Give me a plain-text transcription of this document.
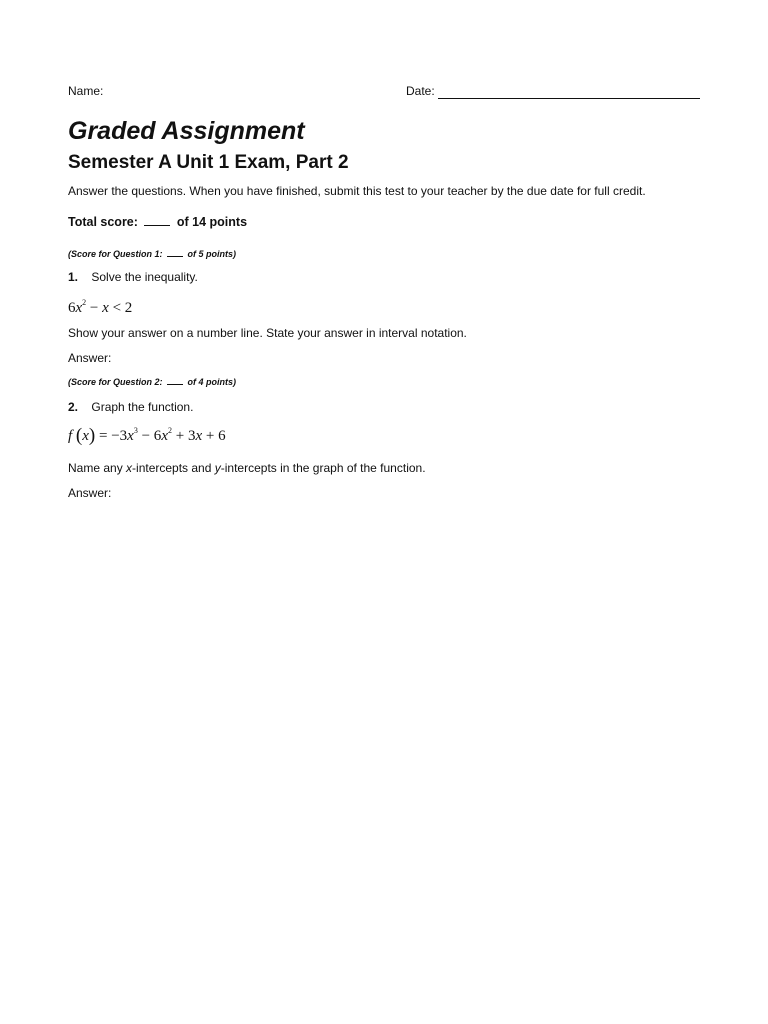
Name:	Date:
Graded Assignment
Semester A Unit 1 Exam, Part 2
Answer the questions. When you have finished, submit this test to your teacher by the due date for full credit.
Total score:	of 14 points
(Score for Question 1:	of 5 points)
1. Solve the inequality.
$6x^2 - x < 2$
Show your answer on a number line. State your answer in interval notation.
Answer:
(Score for Question 2:	of 4 points)
2. Graph the function.
f $(x) = -3x^3 - 6x^2 + 3x + 6$
Name any x-intercepts and y-intercepts in the graph of the function.
Answer:
